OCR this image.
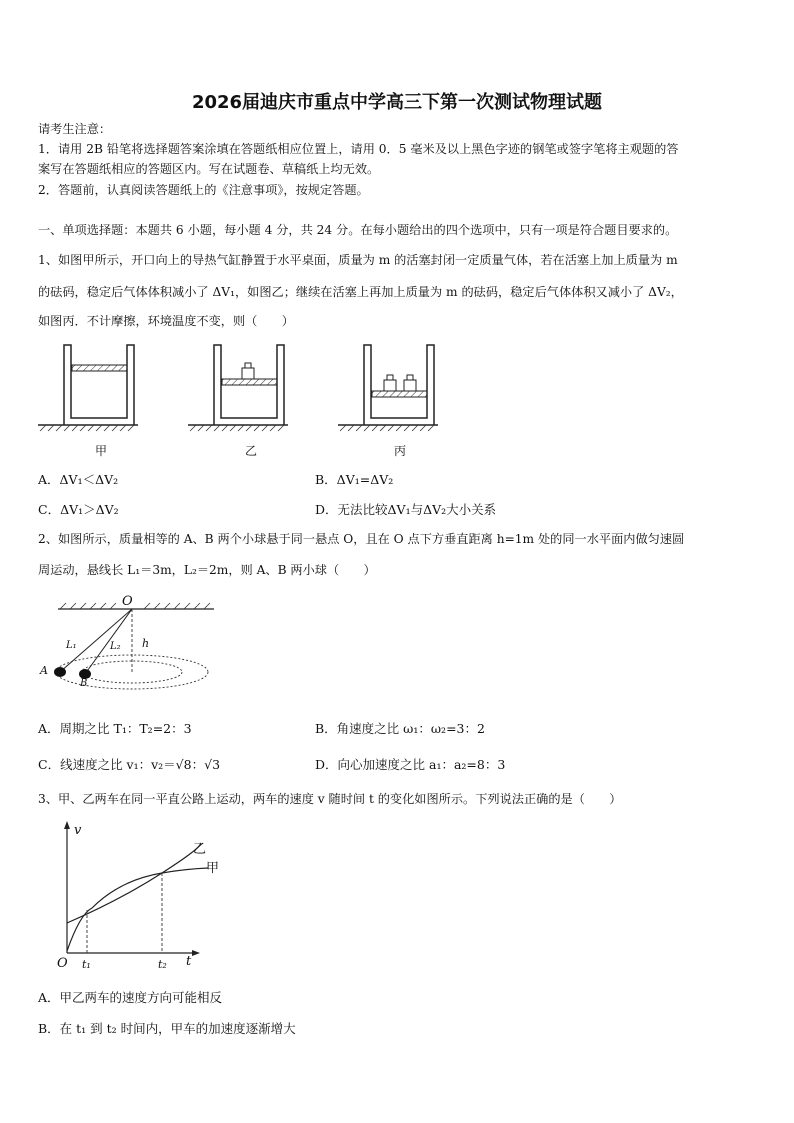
2026届迪庆市重点中学高三下第一次测试物理试题
请考生注意：
1．请用 2B 铅笔将选择题答案涂填在答题纸相应位置上，请用 0．5 毫米及以上黑色字迹的钢笔或签字笔将主观题的答
案写在答题纸相应的答题区内。写在试题卷、草稿纸上均无效。
2．答题前，认真阅读答题纸上的《注意事项》，按规定答题。
一、单项选择题：本题共 6 小题，每小题 4 分，共 24 分。在每小题给出的四个选项中，只有一项是符合题目要求的。
1、如图甲所示，开口向上的导热气缸静置于水平桌面，质量为 m 的活塞封闭一定质量气体，若在活塞上加上质量为 m
的砝码，稳定后气体体积减小了 ΔV₁，如图乙；继续在活塞上再加上质量为 m 的砝码，稳定后气体体积又减小了 ΔV₂，
如图丙．不计摩擦，环境温度不变，则（　　）
甲	乙	丙
A．ΔV₁＜ΔV₂	B．ΔV₁=ΔV₂
C．ΔV₁＞ΔV₂	D．无法比较ΔV₁与ΔV₂大小关系
2、如图所示，质量相等的 A、B 两个小球悬于同一悬点 O，且在 O 点下方垂直距离 h=1m 处的同一水平面内做匀速圆
周运动，悬线长 L₁＝3m，L₂＝2m，则 A、B 两小球（　　）
O
L₁	L₂ h
A
B
A．周期之比 T₁：T₂=2：3	B．角速度之比 ω₁：ω₂=3：2
C．线速度之比 v₁：v₂＝√8：√3	D．向心加速度之比 a₁：a₂=8：3
3、甲、乙两车在同一平直公路上运动，两车的速度 v 随时间 t 的变化如图所示。下列说法正确的是（　　）
v
t
O t₁	t₂
乙
甲
A．甲乙两车的速度方向可能相反
B．在 t₁ 到 t₂ 时间内，甲车的加速度逐渐增大
